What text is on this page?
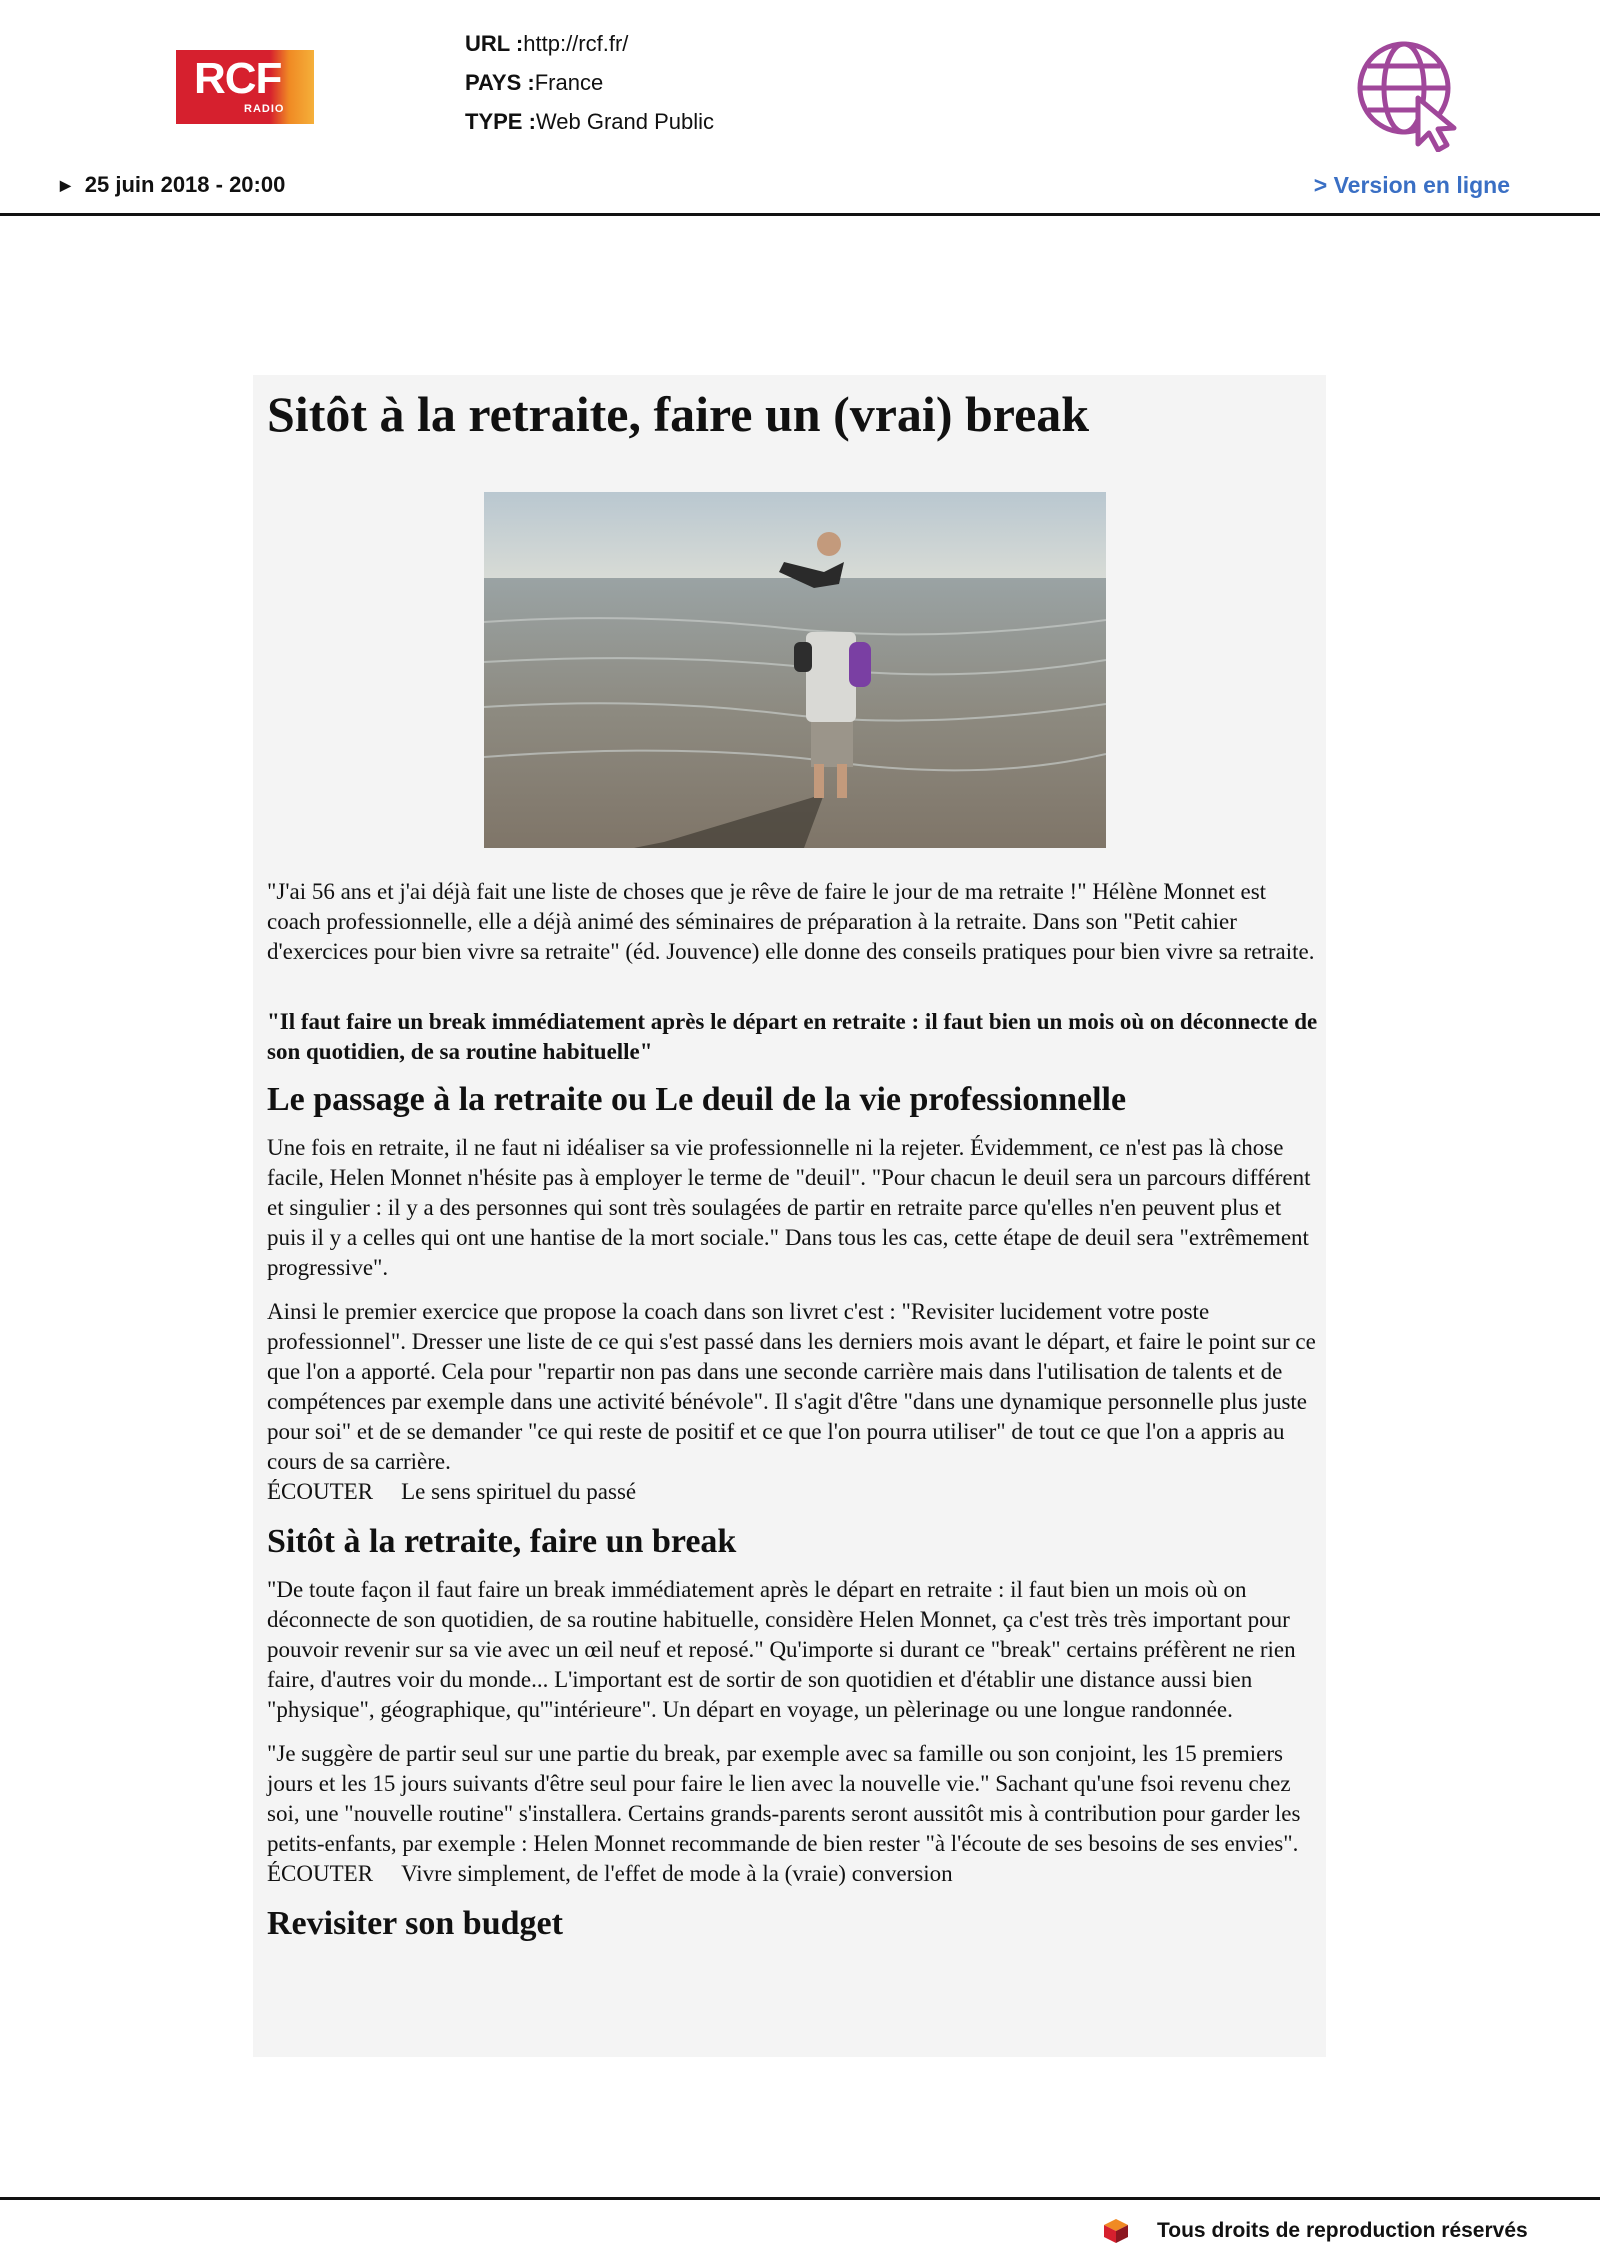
RCF
RADIO
URL :http://rcf.fr/
PAYS :France
TYPE :Web Grand Public
▶ 25 juin 2018 - 20:00	> Version en ligne
Sitôt à la retraite, faire un (vrai) break

"J'ai 56 ans et j'ai déjà fait une liste de choses que je rêve de faire le jour de ma retraite !" Hélène Monnet est coach professionnelle, elle a déjà animé des séminaires de préparation à la retraite. Dans son "Petit cahier d'exercices pour bien vivre sa retraite" (éd. Jouvence) elle donne des conseils pratiques pour bien vivre sa retraite.

"Il faut faire un break immédiatement après le départ en retraite : il faut bien un mois où on déconnecte de son quotidien, de sa routine habituelle"

Le passage à la retraite ou Le deuil de la vie professionnelle

Une fois en retraite, il ne faut ni idéaliser sa vie professionnelle ni la rejeter. Évidemment, ce n'est pas là chose facile, Helen Monnet n'hésite pas à employer le terme de "deuil". "Pour chacun le deuil sera un parcours différent et singulier : il y a des personnes qui sont très soulagées de partir en retraite parce qu'elles n'en peuvent plus et puis il y a celles qui ont une hantise de la mort sociale." Dans tous les cas, cette étape de deuil sera "extrêmement progressive".

Ainsi le premier exercice que propose la coach dans son livret c'est : "Revisiter lucidement votre poste professionnel". Dresser une liste de ce qui s'est passé dans les derniers mois avant le départ, et faire le point sur ce que l'on a apporté. Cela pour "repartir non pas dans une seconde carrière mais dans l'utilisation de talents et de compétences par exemple dans une activité bénévole". Il s'agit d'être "dans une dynamique personnelle plus juste pour soi" et de se demander "ce qui reste de positif et ce que l'on pourra utiliser" de tout ce que l'on a appris au cours de sa carrière.

ÉCOUTER Le sens spirituel du passé
Sitôt à la retraite, faire un break

"De toute façon il faut faire un break immédiatement après le départ en retraite : il faut bien un mois où on déconnecte de son quotidien, de sa routine habituelle, considère Helen Monnet, ça c'est très très important pour pouvoir revenir sur sa vie avec un œil neuf et reposé." Qu'importe si durant ce "break" certains préfèrent ne rien faire, d'autres voir du monde... L'important est de sortir de son quotidien et d'établir une distance aussi bien "physique", géographique, qu'"intérieure". Un départ en voyage, un pèlerinage ou une longue randonnée.

"Je suggère de partir seul sur une partie du break, par exemple avec sa famille ou son conjoint, les 15 premiers jours et les 15 jours suivants d'être seul pour faire le lien avec la nouvelle vie." Sachant qu'une fsoi revenu chez soi, une "nouvelle routine" s'installera. Certains grands-parents seront aussitôt mis à contribution pour garder les petits-enfants, par exemple : Helen Monnet recommande de bien rester "à l'écoute de ses besoins de ses envies".

ÉCOUTER Vivre simplement, de l'effet de mode à la (vraie) conversion
Revisiter son budget
Tous droits de reproduction réservés
